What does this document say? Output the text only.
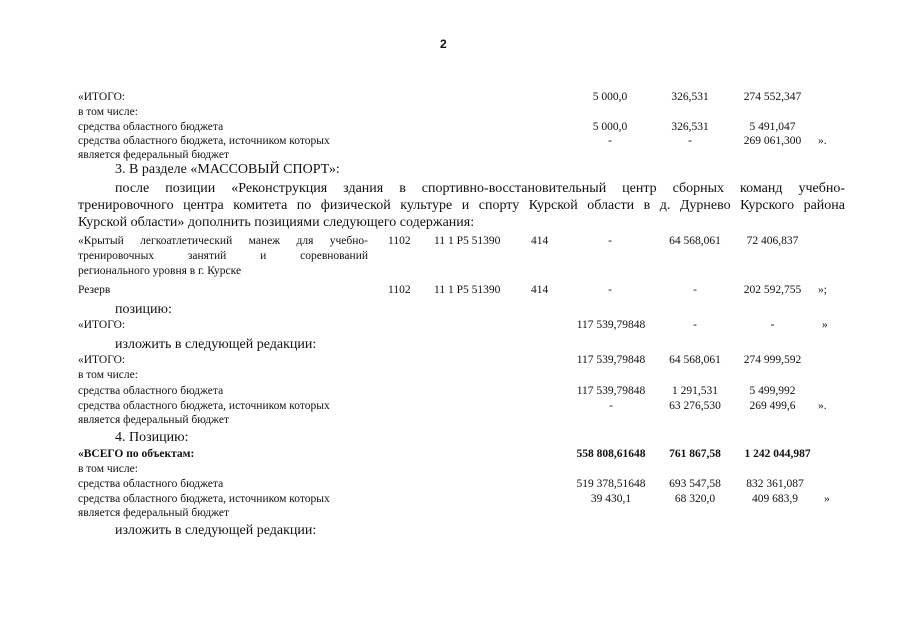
2
«ИТОГО:	5 000,0	326,531	274 552,347
в том числе:
средства областного бюджета	5 000,0	326,531	5 491,047
средства областного бюджета, источником которых
является федеральный бюджет
-	-	269 061,300	».
3. В разделе «МАССОВЫЙ СПОРТ»:
после позиции «Реконструкция здания в спортивно-восстановительный центр сборных команд учебно-
тренировочного центра комитета по физической культуре и спорту Курской области в д. Дурнево Курского района
Курской области» дополнить позициями следующего содержания:
«Крытый легкоатлетический манеж для учебно-
тренировочных занятий и соревнований
регионального уровня в г. Курске
1102 11 1 P5 51390	414	-	64 568,061	72 406,837
Резерв	1102 11 1 P5 51390	414	-	-	202 592,755	»;
позицию:
«ИТОГО:	117 539,79848	-	-	»
изложить в следующей редакции:
«ИТОГО:	117 539,79848	64 568,061	274 999,592
в том числе:
средства областного бюджета	117 539,79848	1 291,531	5 499,992
средства областного бюджета, источником которых
является федеральный бюджет
-	63 276,530	269 499,6	».
4. Позицию:
«ВСЕГО по объектам:	558 808,61648	761 867,58	1 242 044,987
в том числе:
средства областного бюджета	519 378,51648	693 547,58	832 361,087
средства областного бюджета, источником которых
является федеральный бюджет
39 430,1	68 320,0	409 683,9	»
изложить в следующей редакции:
